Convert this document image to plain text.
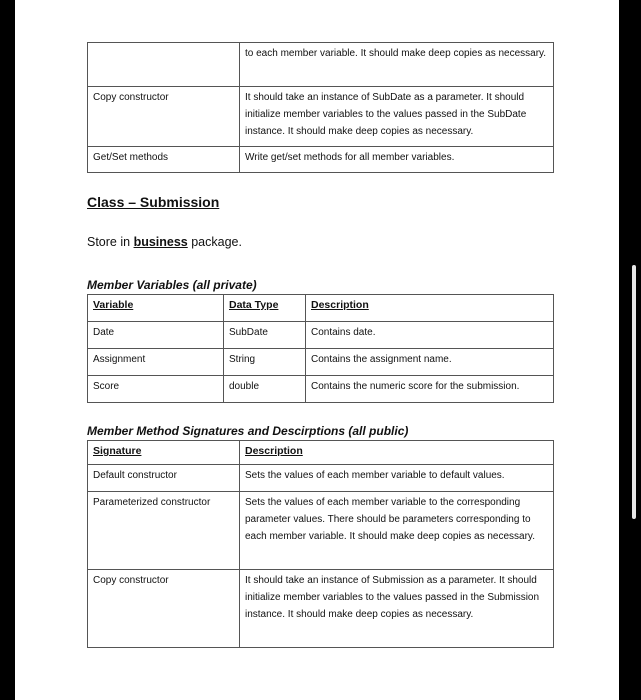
	to each member variable. It should make deep copies as necessary.
Copy constructor	It should take an instance of SubDate as a parameter. It should initialize member variables to the values passed in the SubDate instance. It should make deep copies as necessary.
Get/Set methods	Write get/set methods for all member variables.
Class – Submission
Store in business package.
Member Variables (all private)
Variable	Data Type	Description
Date	SubDate	Contains date.
Assignment	String	Contains the assignment name.
Score	double	Contains the numeric score for the submission.
Member Method Signatures and Descirptions (all public)
Signature	Description
Default constructor	Sets the values of each member variable to default values.
Parameterized constructor	Sets the values of each member variable to the corresponding parameter values. There should be parameters corresponding to each member variable. It should make deep copies as necessary.
Copy constructor	It should take an instance of Submission as a parameter. It should initialize member variables to the values passed in the Submission instance. It should make deep copies as necessary.
